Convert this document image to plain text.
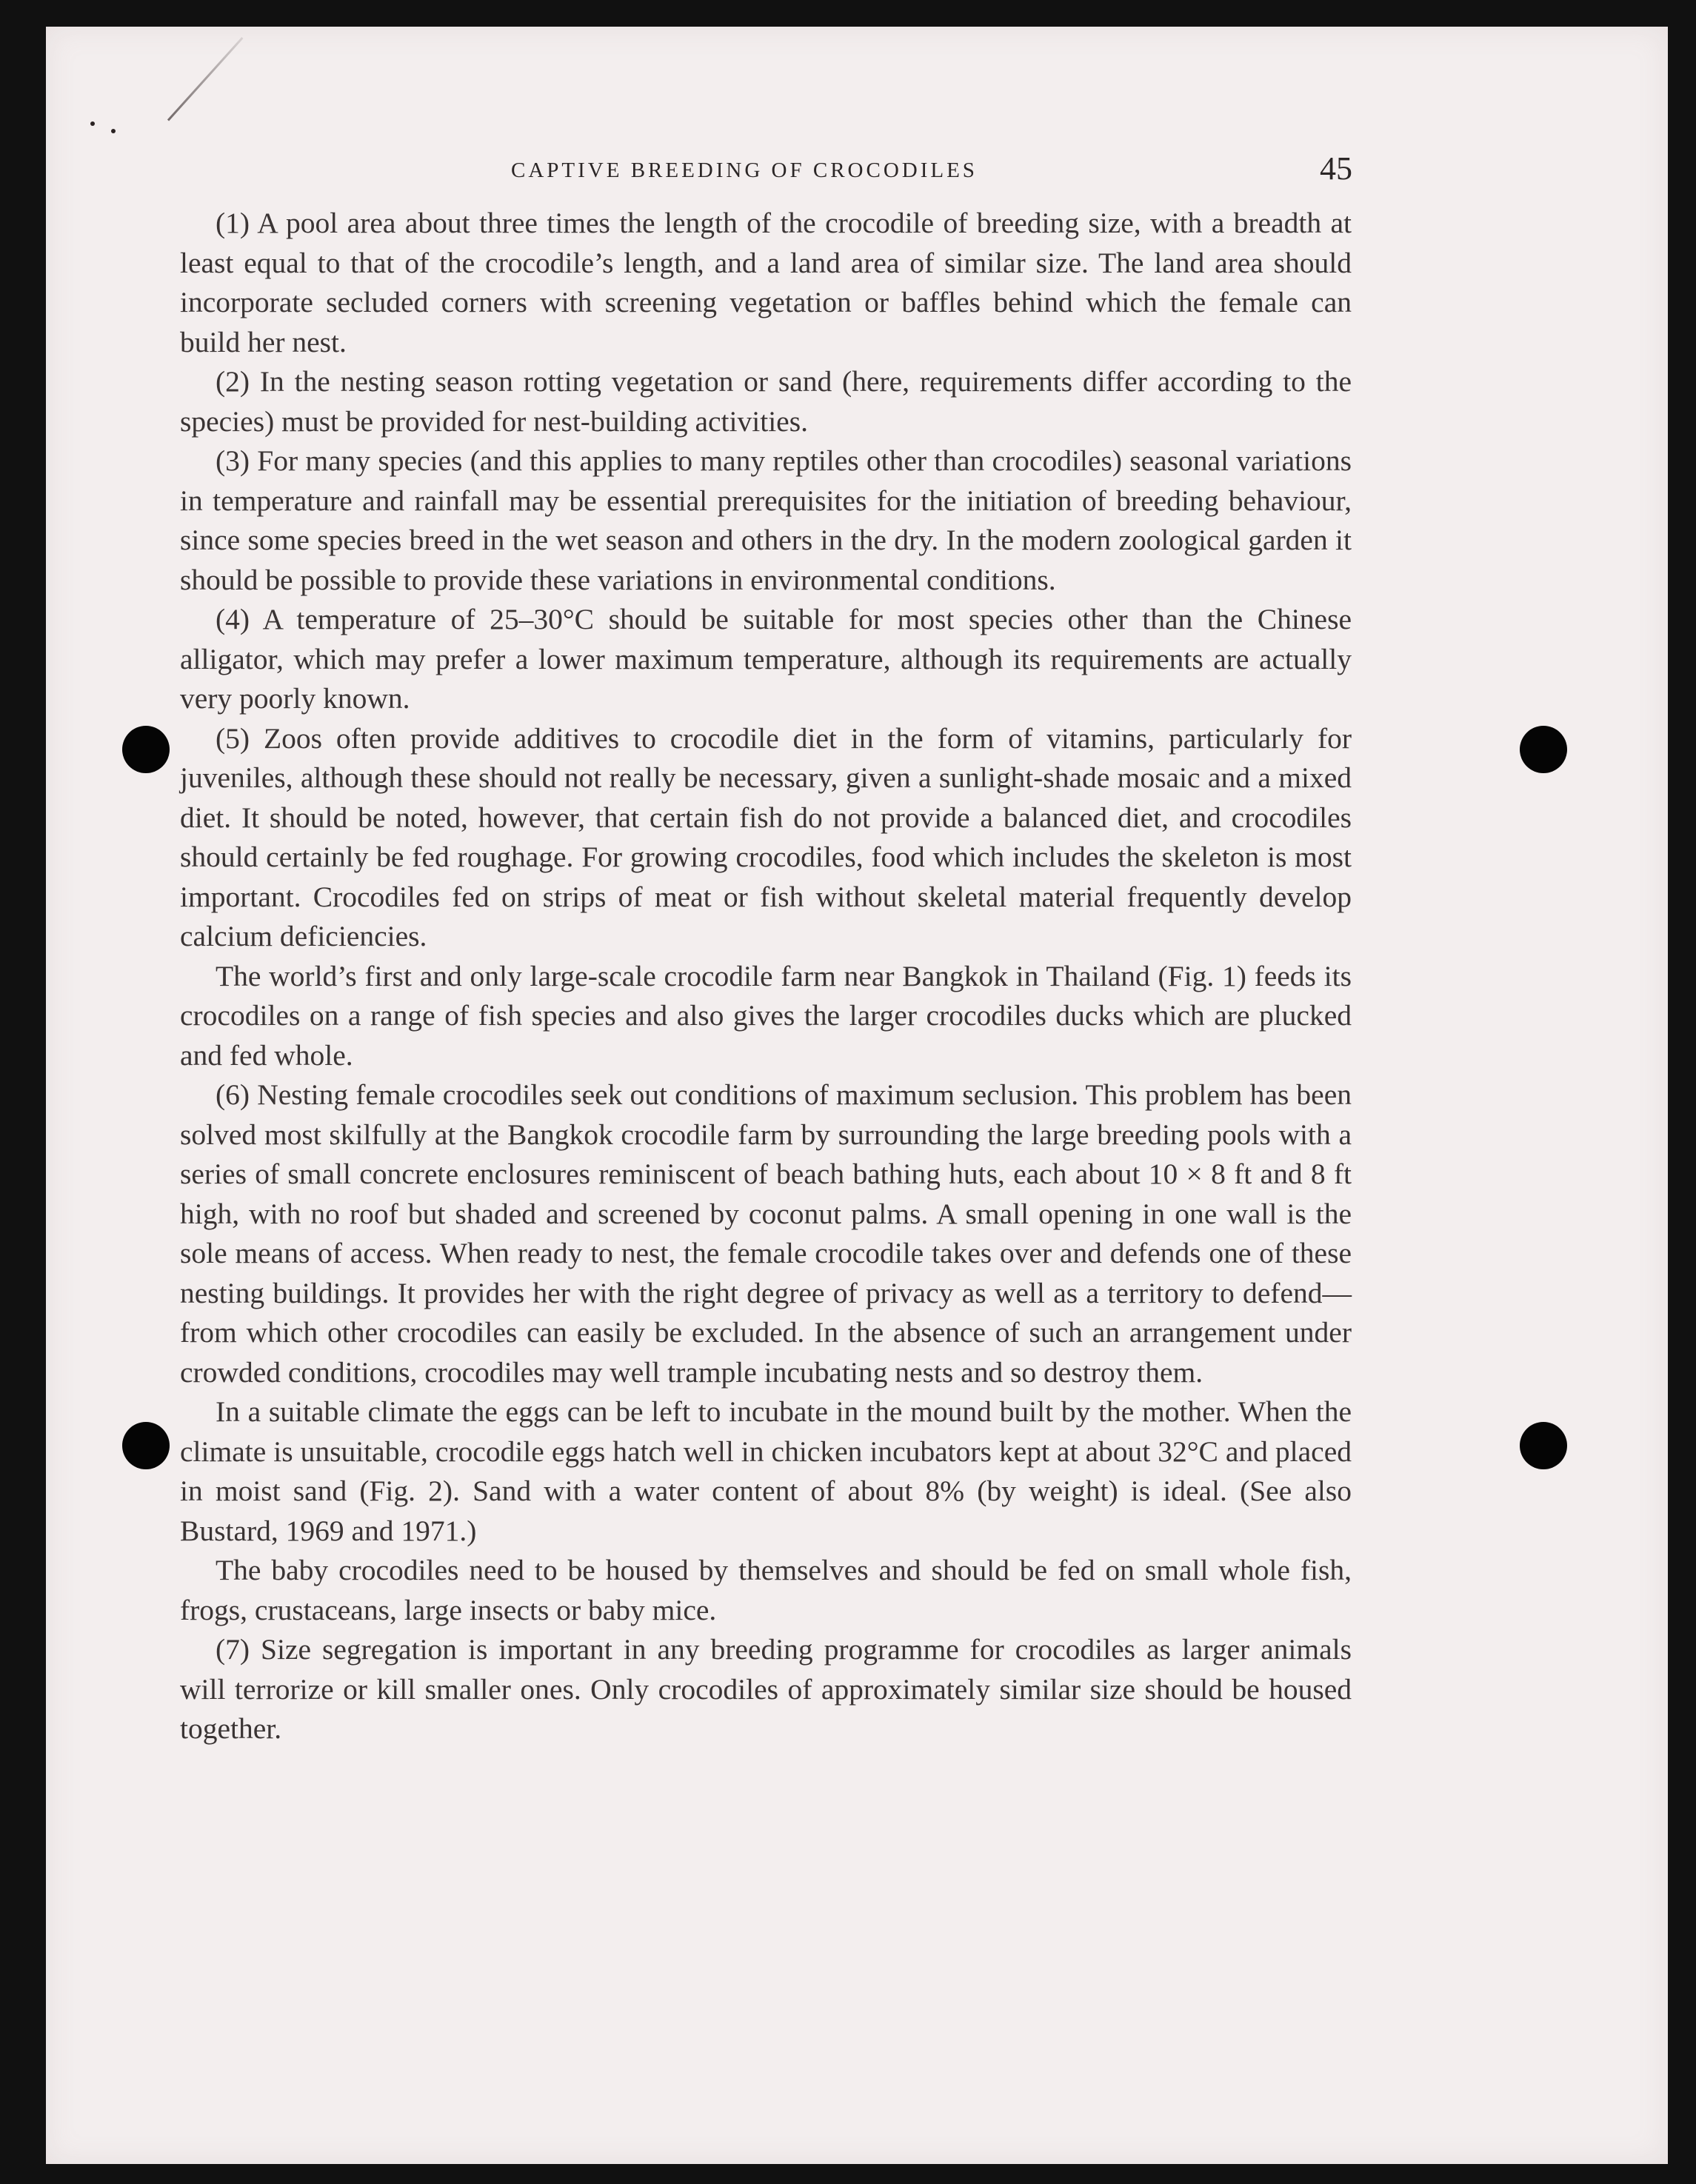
CAPTIVE BREEDING OF CROCODILES	45

(1) A pool area about three times the length of the crocodile of breeding size, with a breadth at least equal to that of the crocodile’s length, and a land area of similar size. The land area should incorporate secluded corners with screening vegetation or baffles behind which the female can build her nest.

(2) In the nesting season rotting vegetation or sand (here, requirements differ according to the species) must be provided for nest-building activities.

(3) For many species (and this applies to many reptiles other than crocodiles) seasonal variations in temperature and rainfall may be essential prerequisites for the initiation of breeding behaviour, since some species breed in the wet season and others in the dry. In the modern zoological garden it should be possible to provide these variations in environmental conditions.

(4) A temperature of 25–30°C should be suitable for most species other than the Chinese alligator, which may prefer a lower maximum temperature, although its requirements are actually very poorly known.

(5) Zoos often provide additives to crocodile diet in the form of vitamins, particularly for juveniles, although these should not really be necessary, given a sunlight-shade mosaic and a mixed diet. It should be noted, however, that certain fish do not provide a balanced diet, and crocodiles should certainly be fed roughage. For growing crocodiles, food which includes the skeleton is most important. Crocodiles fed on strips of meat or fish without skeletal material frequently develop calcium deficiencies.

The world’s first and only large-scale crocodile farm near Bangkok in Thailand (Fig. 1) feeds its crocodiles on a range of fish species and also gives the larger crocodiles ducks which are plucked and fed whole.

(6) Nesting female crocodiles seek out conditions of maximum seclusion. This problem has been solved most skilfully at the Bangkok crocodile farm by surrounding the large breeding pools with a series of small concrete enclosures reminiscent of beach bathing huts, each about 10 × 8 ft and 8 ft high, with no roof but shaded and screened by coconut palms. A small opening in one wall is the sole means of access. When ready to nest, the female crocodile takes over and defends one of these nesting buildings. It provides her with the right degree of privacy as well as a territory to defend—from which other crocodiles can easily be excluded. In the absence of such an arrangement under crowded conditions, crocodiles may well trample incubating nests and so destroy them.

In a suitable climate the eggs can be left to incubate in the mound built by the mother. When the climate is unsuitable, crocodile eggs hatch well in chicken incubators kept at about 32°C and placed in moist sand (Fig. 2). Sand with a water content of about 8% (by weight) is ideal. (See also Bustard, 1969 and 1971.)

The baby crocodiles need to be housed by themselves and should be fed on small whole fish, frogs, crustaceans, large insects or baby mice.

(7) Size segregation is important in any breeding programme for crocodiles as larger animals will terrorize or kill smaller ones. Only crocodiles of approximately similar size should be housed together.
